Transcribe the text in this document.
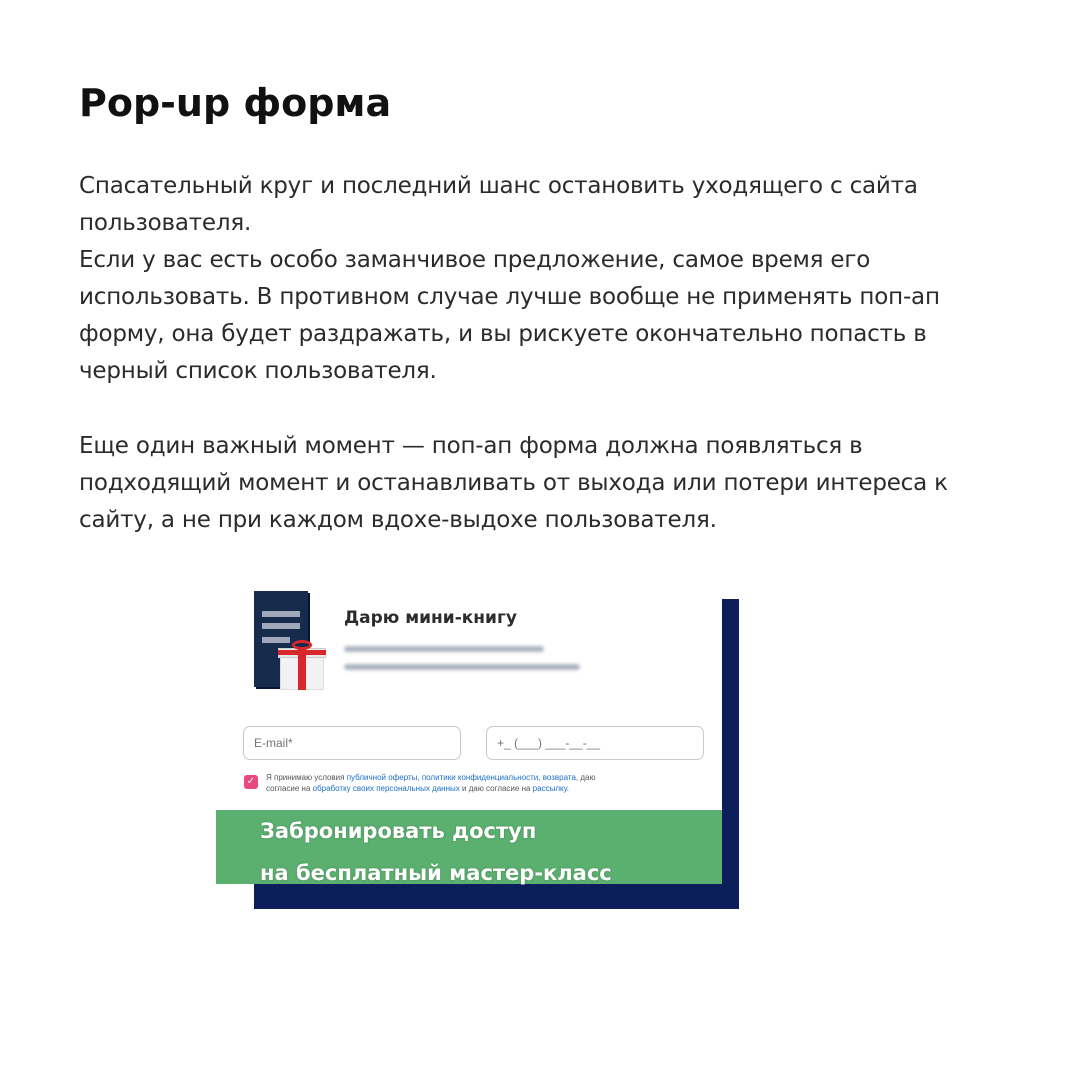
Pop-up форма
Спасательный круг и последний шанс остановить уходящего с сайта
пользователя.
Если у вас есть особо заманчивое предложение, самое время его
использовать. В противном случае лучше вообще не применять поп-ап
форму, она будет раздражать, и вы рискуете окончательно попасть в
черный список пользователя.
Еще один важный момент — поп-ап форма должна появляться в
подходящий момент и останавливать от выхода или потери интереса к
сайту, а не при каждом вдохе-выдохе пользователя.
Дарю мини-книгу
E-mail*
+_ (___) ___-__-__
✓	Я принимаю условия публичной оферты, политики конфиденциальности, возврата, даю
согласие на обработку своих персональных данных и даю согласие на рассылку.
Забронировать доступ
на бесплатный мастер-класс
